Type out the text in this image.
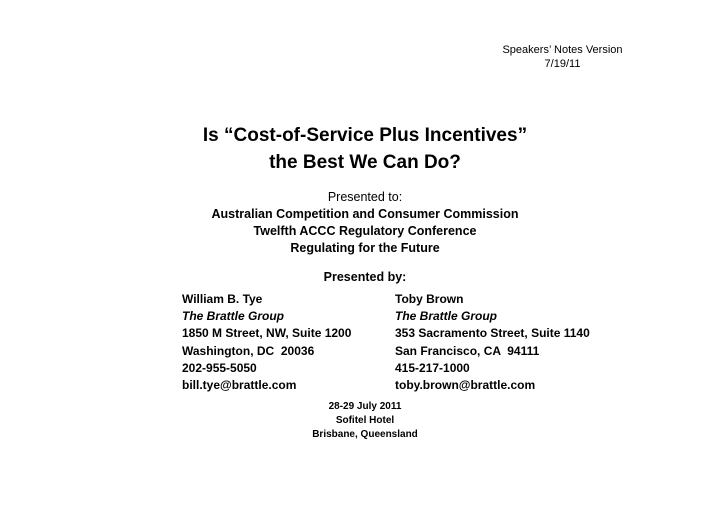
Speakers’ Notes Version
7/19/11
Is “Cost-of-Service Plus Incentives”
the Best We Can Do?
Presented to:
Australian Competition and Consumer Commission
Twelfth ACCC Regulatory Conference
Regulating for the Future
Presented by:
William B. Tye
The Brattle Group
1850 M Street, NW, Suite 1200
Washington, DC  20036
202-955-5050
bill.tye@brattle.com
Toby Brown
The Brattle Group
353 Sacramento Street, Suite 1140
San Francisco, CA  94111
415-217-1000
toby.brown@brattle.com
28-29 July 2011
Sofitel Hotel
Brisbane, Queensland
